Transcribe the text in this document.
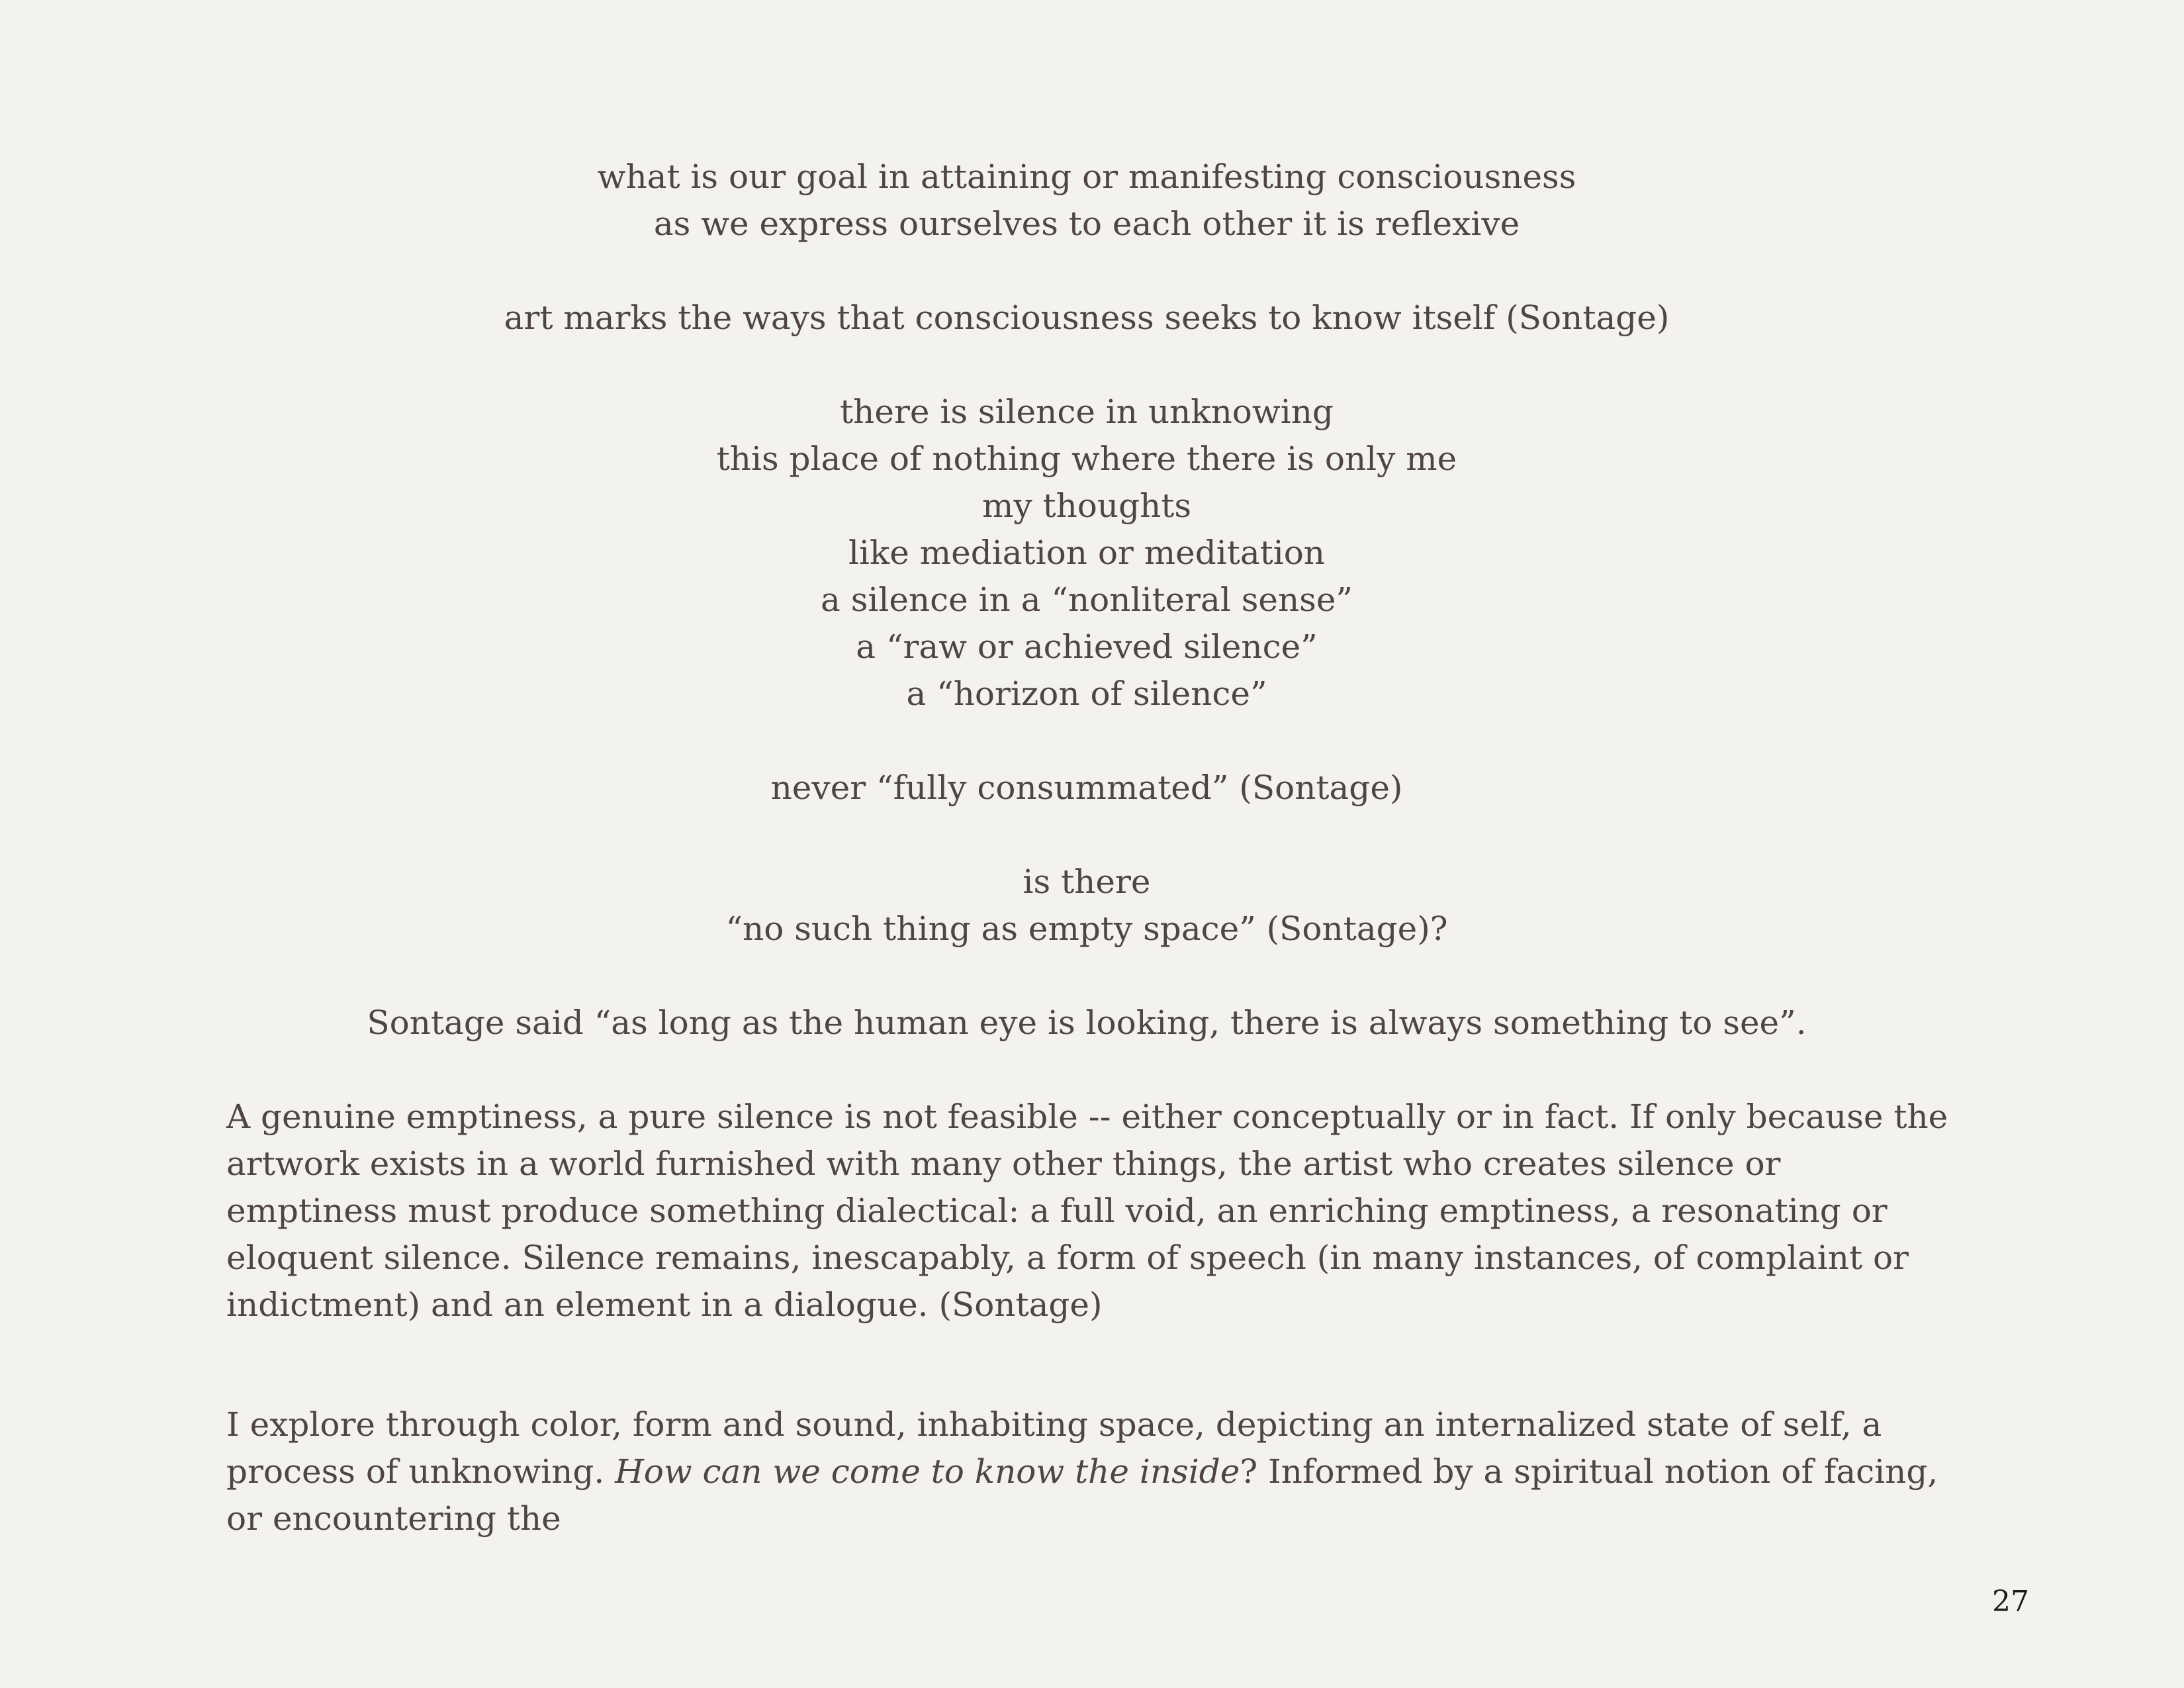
what is our goal in attaining or manifesting consciousness
as we express ourselves to each other it is reflexive
art marks the ways that consciousness seeks to know itself (Sontage)
there is silence in unknowing
this place of nothing where there is only me
my thoughts
like mediation or meditation
a silence in a “nonliteral sense”
a “raw or achieved silence”
a “horizon of silence”
never “fully consummated” (Sontage)
is there
“no such thing as empty space” (Sontage)?
Sontage said “as long as the human eye is looking, there is always something to see”.

A genuine emptiness, a pure silence is not feasible -- either conceptually or in fact. If only because the artwork exists in a world furnished with many other things, the artist who creates silence or emptiness must produce something dialectical: a full void, an enriching emptiness, a resonating or eloquent silence. Silence remains, inescapably, a form of speech (in many instances, of complaint or indictment) and an element in a dialogue. (Sontage)

I explore through color, form and sound, inhabiting space, depicting an internalized state of self, a process of unknowing. How can we come to know the inside? Informed by a spiritual notion of facing, or encountering the

27
